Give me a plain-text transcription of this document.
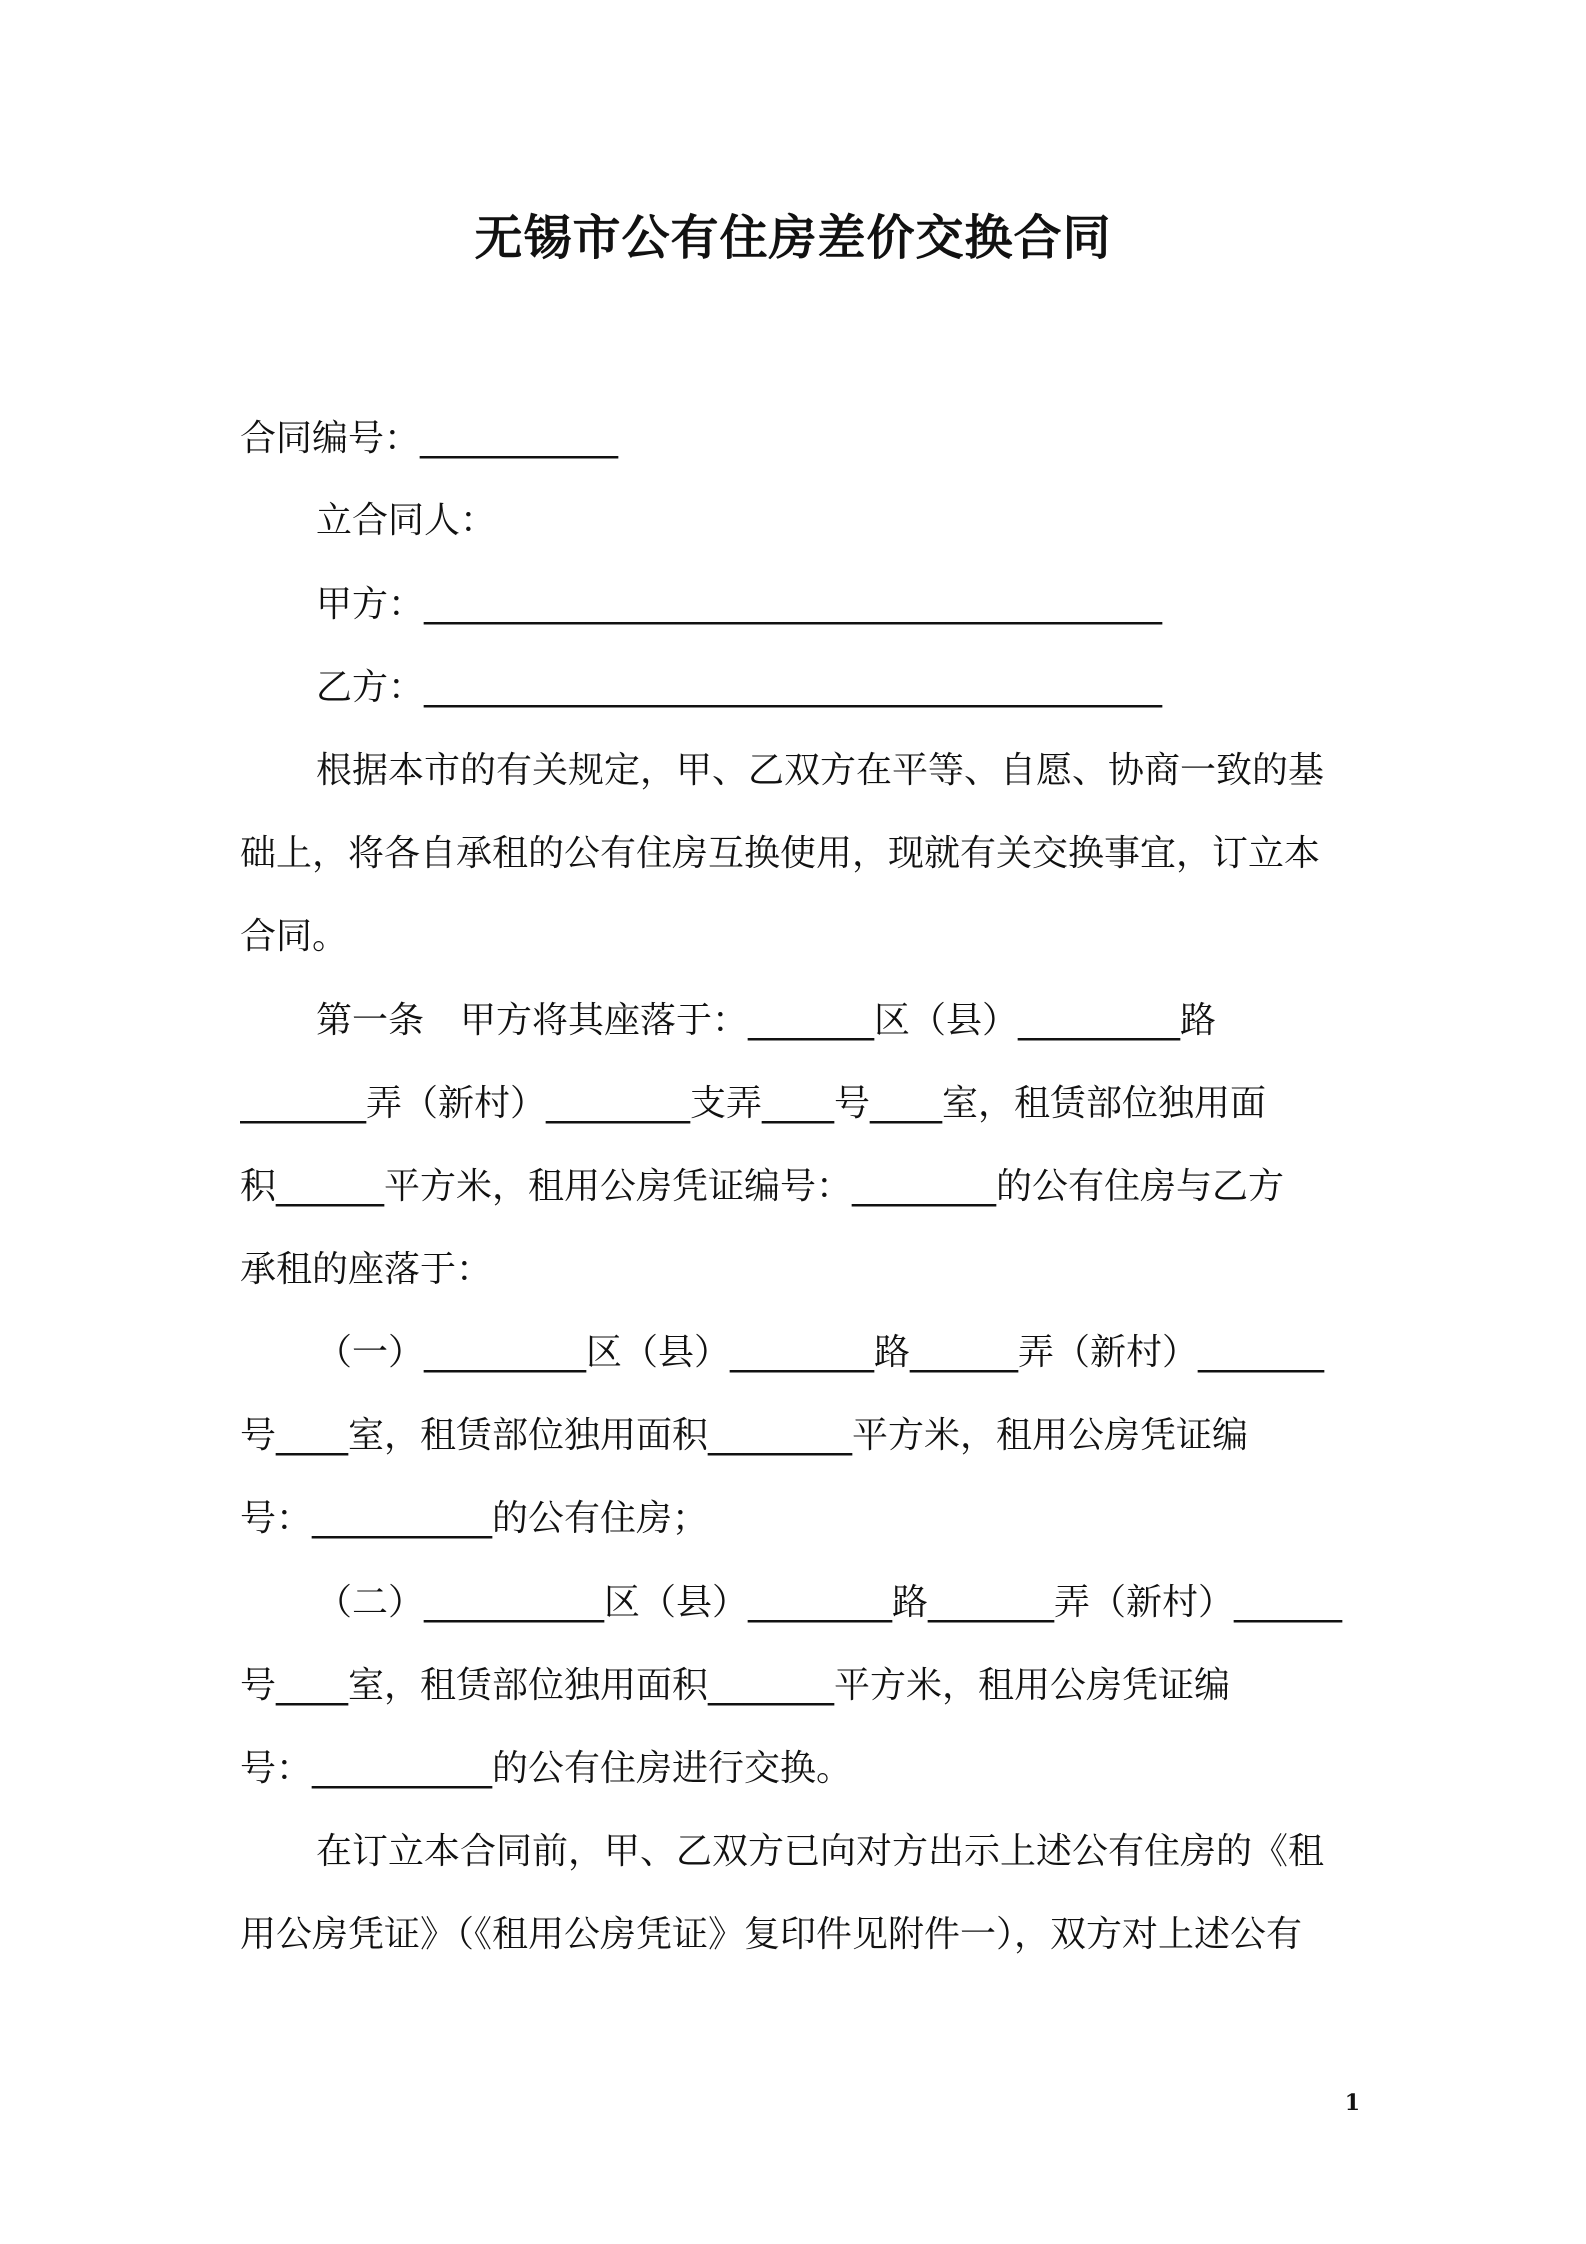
无锡市公有住房差价交换合同
合同编号：___________
立合同人：
甲方：_________________________________________
乙方：_________________________________________
根据本市的有关规定，甲、乙双方在平等、自愿、协商一致的基
础上，将各自承租的公有住房互换使用，现就有关交换事宜，订立本
合同。
第一条　甲方将其座落于：_______区（县）_________路
_______弄（新村）________支弄____号____室，租赁部位独用面
积______平方米，租用公房凭证编号：________的公有住房与乙方
承租的座落于：
（一）_________区（县）________路______弄（新村）_______
号____室，租赁部位独用面积________平方米，租用公房凭证编
号：__________的公有住房；
（二）__________区（县）________路_______弄（新村）______
号____室，租赁部位独用面积_______平方米，租用公房凭证编
号：__________的公有住房进行交换。
在订立本合同前，甲、乙双方已向对方出示上述公有住房的《租
用公房凭证》（《租用公房凭证》复印件见附件一），双方对上述公有
1
